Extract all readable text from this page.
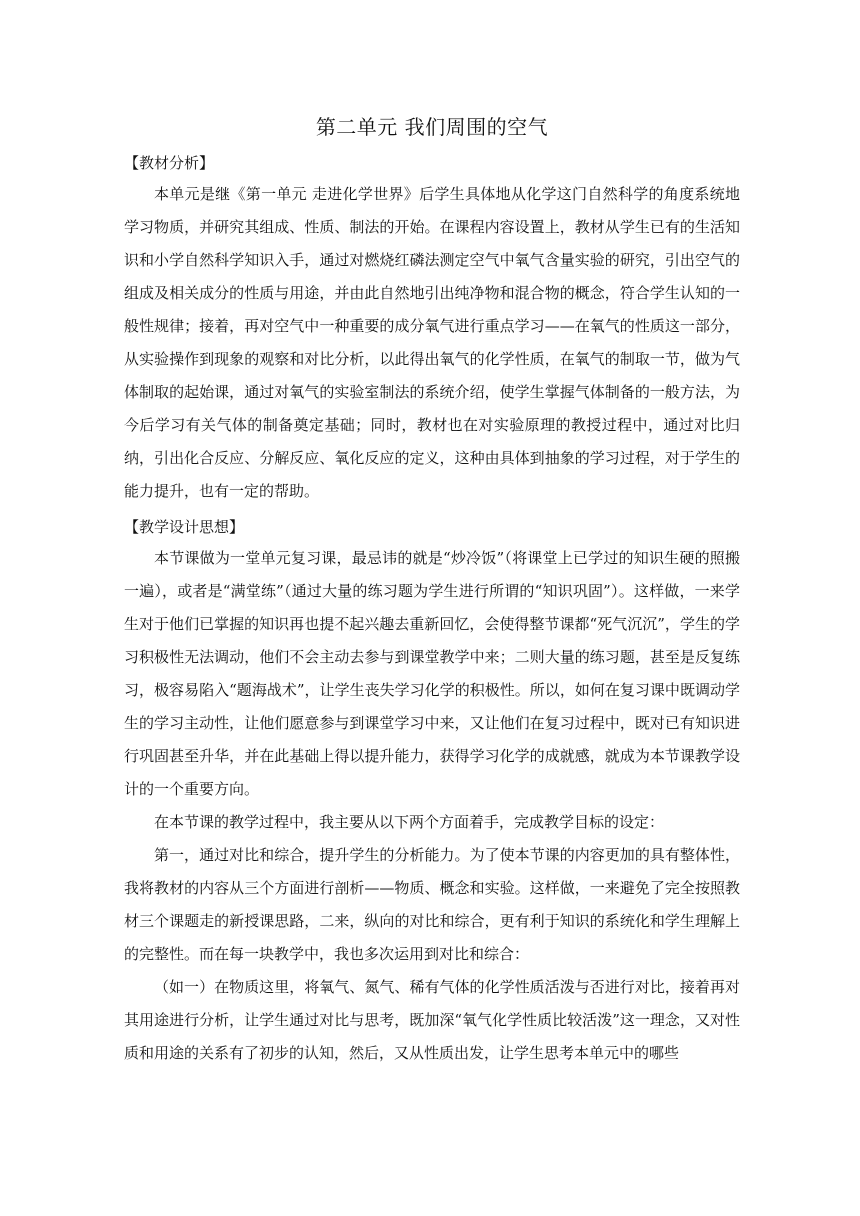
第二单元 我们周围的空气
【教材分析】

本单元是继《第一单元 走进化学世界》后学生具体地从化学这门自然科学的角度系统地学习物质，并研究其组成、性质、制法的开始。在课程内容设置上，教材从学生已有的生活知识和小学自然科学知识入手，通过对燃烧红磷法测定空气中氧气含量实验的研究，引出空气的组成及相关成分的性质与用途，并由此自然地引出纯净物和混合物的概念，符合学生认知的一般性规律；接着，再对空气中一种重要的成分氧气进行重点学习——在氧气的性质这一部分，从实验操作到现象的观察和对比分析，以此得出氧气的化学性质，在氧气的制取一节，做为气体制取的起始课，通过对氧气的实验室制法的系统介绍，使学生掌握气体制备的一般方法，为今后学习有关气体的制备奠定基础；同时，教材也在对实验原理的教授过程中，通过对比归纳，引出化合反应、分解反应、氧化反应的定义，这种由具体到抽象的学习过程，对于学生的能力提升，也有一定的帮助。

【教学设计思想】

本节课做为一堂单元复习课，最忌讳的就是“炒冷饭”（将课堂上已学过的知识生硬的照搬一遍），或者是“满堂练”（通过大量的练习题为学生进行所谓的“知识巩固”）。这样做，一来学生对于他们已掌握的知识再也提不起兴趣去重新回忆，会使得整节课都“死气沉沉”，学生的学习积极性无法调动，他们不会主动去参与到课堂教学中来；二则大量的练习题，甚至是反复练习，极容易陷入“题海战术”，让学生丧失学习化学的积极性。所以，如何在复习课中既调动学生的学习主动性，让他们愿意参与到课堂学习中来，又让他们在复习过程中，既对已有知识进行巩固甚至升华，并在此基础上得以提升能力，获得学习化学的成就感，就成为本节课教学设计的一个重要方向。

在本节课的教学过程中，我主要从以下两个方面着手，完成教学目标的设定：

第一，通过对比和综合，提升学生的分析能力。为了使本节课的内容更加的具有整体性，我将教材的内容从三个方面进行剖析——物质、概念和实验。这样做，一来避免了完全按照教材三个课题走的新授课思路，二来，纵向的对比和综合，更有利于知识的系统化和学生理解上的完整性。而在每一块教学中，我也多次运用到对比和综合：

（如一）在物质这里，将氧气、氮气、稀有气体的化学性质活泼与否进行对比，接着再对其用途进行分析，让学生通过对比与思考，既加深“氧气化学性质比较活泼”这一理念，又对性质和用途的关系有了初步的认知，然后，又从性质出发，让学生思考本单元中的哪些
